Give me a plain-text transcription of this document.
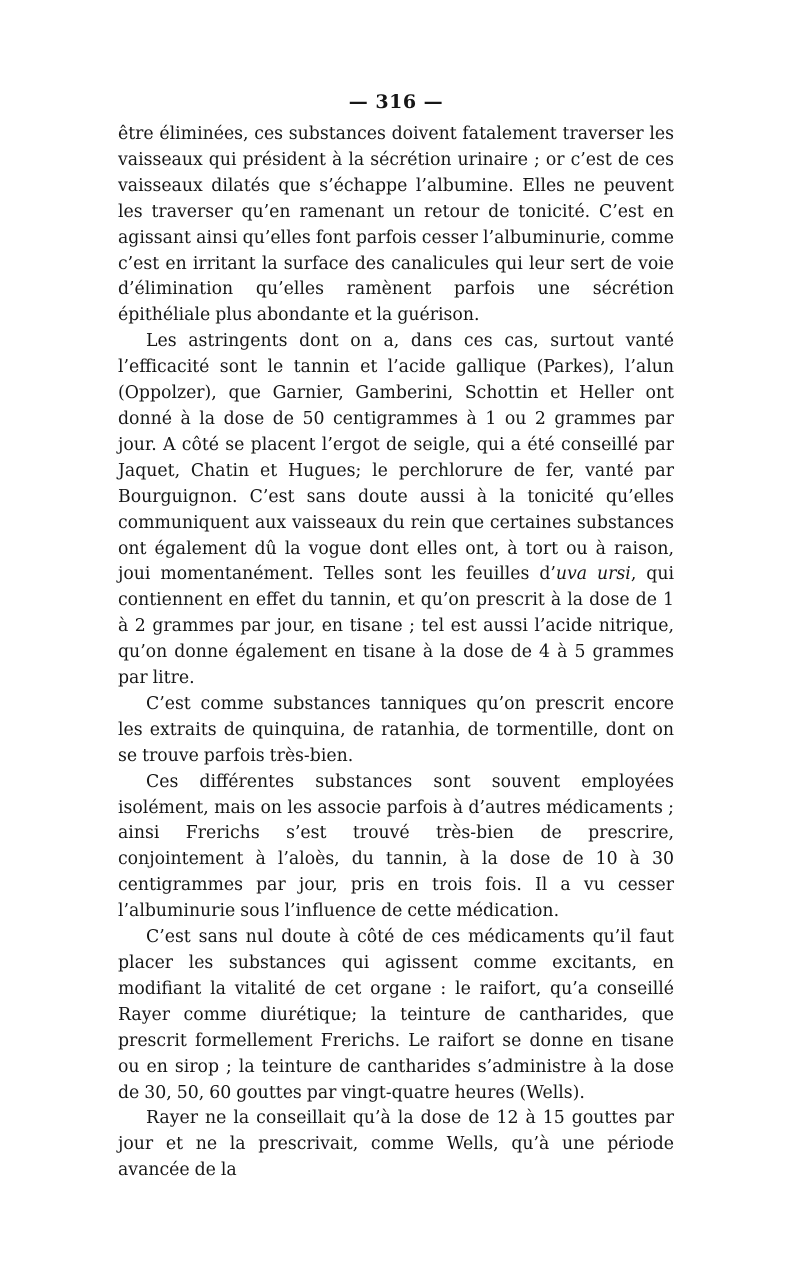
— 316 —

être éliminées, ces substances doivent fatalement traverser les vaisseaux qui président à la sécrétion urinaire ; or c’est de ces vaisseaux dilatés que s’échappe l’albumine. Elles ne peuvent les traverser qu’en ramenant un retour de tonicité. C’est en agissant ainsi qu’elles font parfois cesser l’albuminurie, comme c’est en irritant la surface des canalicules qui leur sert de voie d’élimination qu’elles ramènent parfois une sécrétion épithéliale plus abondante et la guérison.

Les astringents dont on a, dans ces cas, surtout vanté l’efficacité sont le tannin et l’acide gallique (Parkes), l’alun (Oppolzer), que Garnier, Gamberini, Schottin et Heller ont donné à la dose de 50 centigrammes à 1 ou 2 grammes par jour. A côté se placent l’ergot de seigle, qui a été conseillé par Jaquet, Chatin et Hugues; le perchlorure de fer, vanté par Bourguignon. C’est sans doute aussi à la tonicité qu’elles communiquent aux vaisseaux du rein que certaines substances ont également dû la vogue dont elles ont, à tort ou à raison, joui momentanément. Telles sont les feuilles d’uva ursi, qui contiennent en effet du tannin, et qu’on prescrit à la dose de 1 à 2 grammes par jour, en tisane ; tel est aussi l’acide nitrique, qu’on donne également en tisane à la dose de 4 à 5 grammes par litre.

C’est comme substances tanniques qu’on prescrit encore les extraits de quinquina, de ratanhia, de tormentille, dont on se trouve parfois très-bien.

Ces différentes substances sont souvent employées isolément, mais on les associe parfois à d’autres médicaments ; ainsi Frerichs s’est trouvé très-bien de prescrire, conjointement à l’aloès, du tannin, à la dose de 10 à 30 centigrammes par jour, pris en trois fois. Il a vu cesser l’albuminurie sous l’influence de cette médication.

C’est sans nul doute à côté de ces médicaments qu’il faut placer les substances qui agissent comme excitants, en modifiant la vitalité de cet organe : le raifort, qu’a conseillé Rayer comme diurétique; la teinture de cantharides, que prescrit formellement Frerichs. Le raifort se donne en tisane ou en sirop ; la teinture de cantharides s’administre à la dose de 30, 50, 60 gouttes par vingt-quatre heures (Wells).

Rayer ne la conseillait qu’à la dose de 12 à 15 gouttes par jour et ne la prescrivait, comme Wells, qu’à une période avancée de la
